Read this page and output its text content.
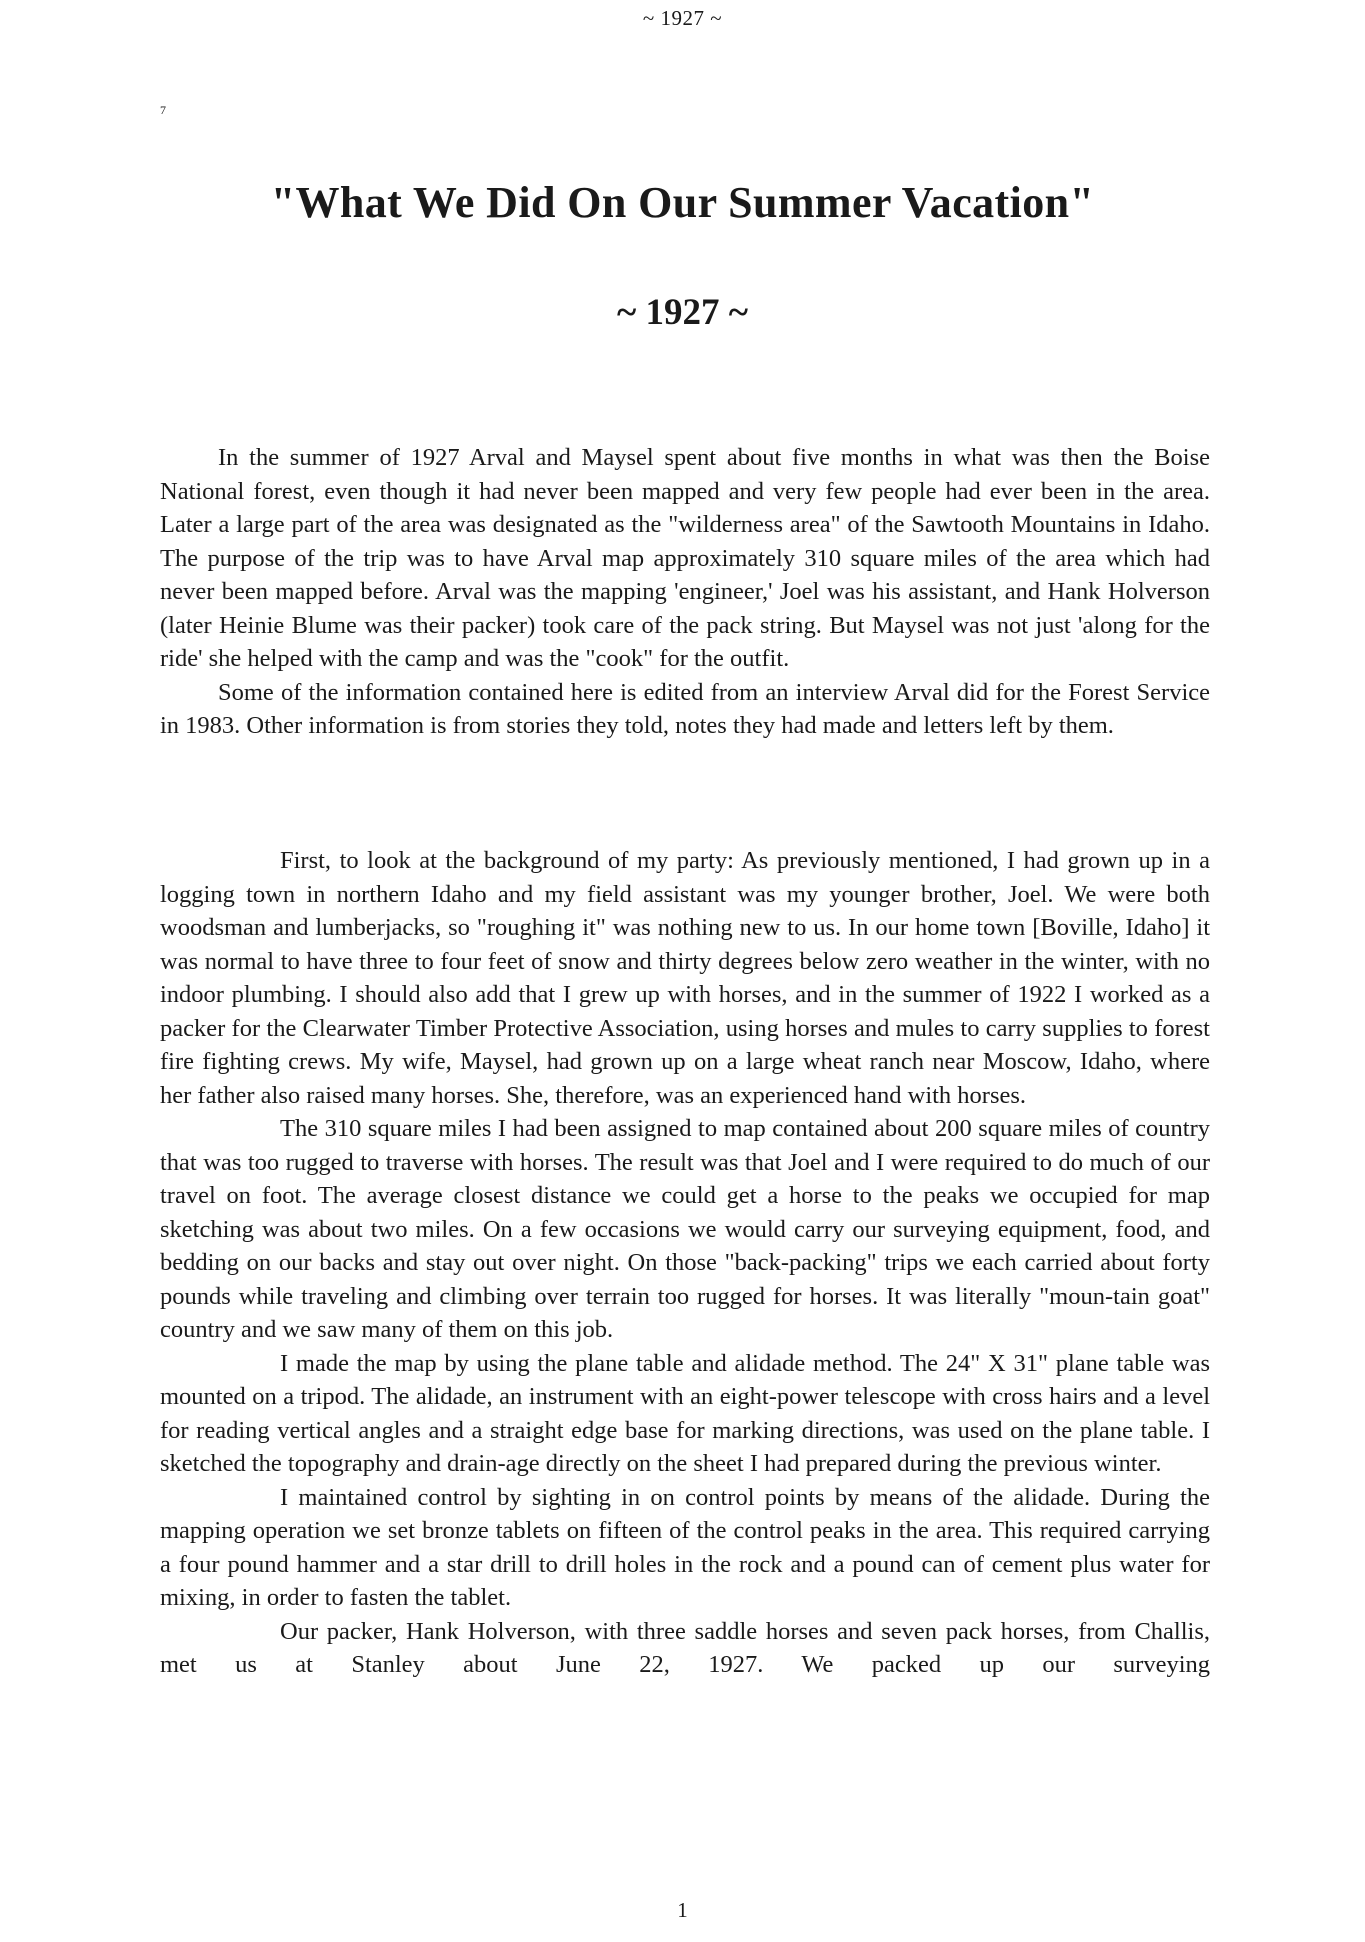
~ 1927 ~
7
"What We Did On Our Summer Vacation"
~ 1927 ~

In the summer of 1927 Arval and Maysel spent about five months in what was then the Boise National forest, even though it had never been mapped and very few people had ever been in the area. Later a large part of the area was designated as the "wilderness area" of the Sawtooth Mountains in Idaho. The purpose of the trip was to have Arval map approximately 310 square miles of the area which had never been mapped before. Arval was the mapping 'engineer,' Joel was his assistant, and Hank Holverson (later Heinie Blume was their packer) took care of the pack string. But Maysel was not just 'along for the ride' she helped with the camp and was the "cook" for the outfit.

Some of the information contained here is edited from an interview Arval did for the Forest Service in 1983. Other information is from stories they told, notes they had made and letters left by them.

First, to look at the background of my party: As previously mentioned, I had grown up in a logging town in northern Idaho and my field assistant was my younger brother, Joel. We were both woodsman and lumberjacks, so "roughing it" was nothing new to us. In our home town [Boville, Idaho] it was normal to have three to four feet of snow and thirty degrees below zero weather in the winter, with no indoor plumbing. I should also add that I grew up with horses, and in the summer of 1922 I worked as a packer for the Clearwater Timber Protective Association, using horses and mules to carry supplies to forest fire fighting crews. My wife, Maysel, had grown up on a large wheat ranch near Moscow, Idaho, where her father also raised many horses. She, therefore, was an experienced hand with horses.

The 310 square miles I had been assigned to map contained about 200 square miles of country that was too rugged to traverse with horses. The result was that Joel and I were required to do much of our travel on foot. The average closest distance we could get a horse to the peaks we occupied for map sketching was about two miles. On a few occasions we would carry our surveying equipment, food, and bedding on our backs and stay out over night. On those "back-packing" trips we each carried about forty pounds while traveling and climbing over terrain too rugged for horses. It was literally "moun-tain goat" country and we saw many of them on this job.

I made the map by using the plane table and alidade method. The 24" X 31" plane table was mounted on a tripod. The alidade, an instrument with an eight-power telescope with cross hairs and a level for reading vertical angles and a straight edge base for marking directions, was used on the plane table. I sketched the topography and drain-age directly on the sheet I had prepared during the previous winter.

I maintained control by sighting in on control points by means of the alidade. During the mapping operation we set bronze tablets on fifteen of the control peaks in the area. This required carrying a four pound hammer and a star drill to drill holes in the rock and a pound can of cement plus water for mixing, in order to fasten the tablet.

Our packer, Hank Holverson, with three saddle horses and seven pack horses, from Challis, met us at Stanley about June 22, 1927. We packed up our surveying

1
